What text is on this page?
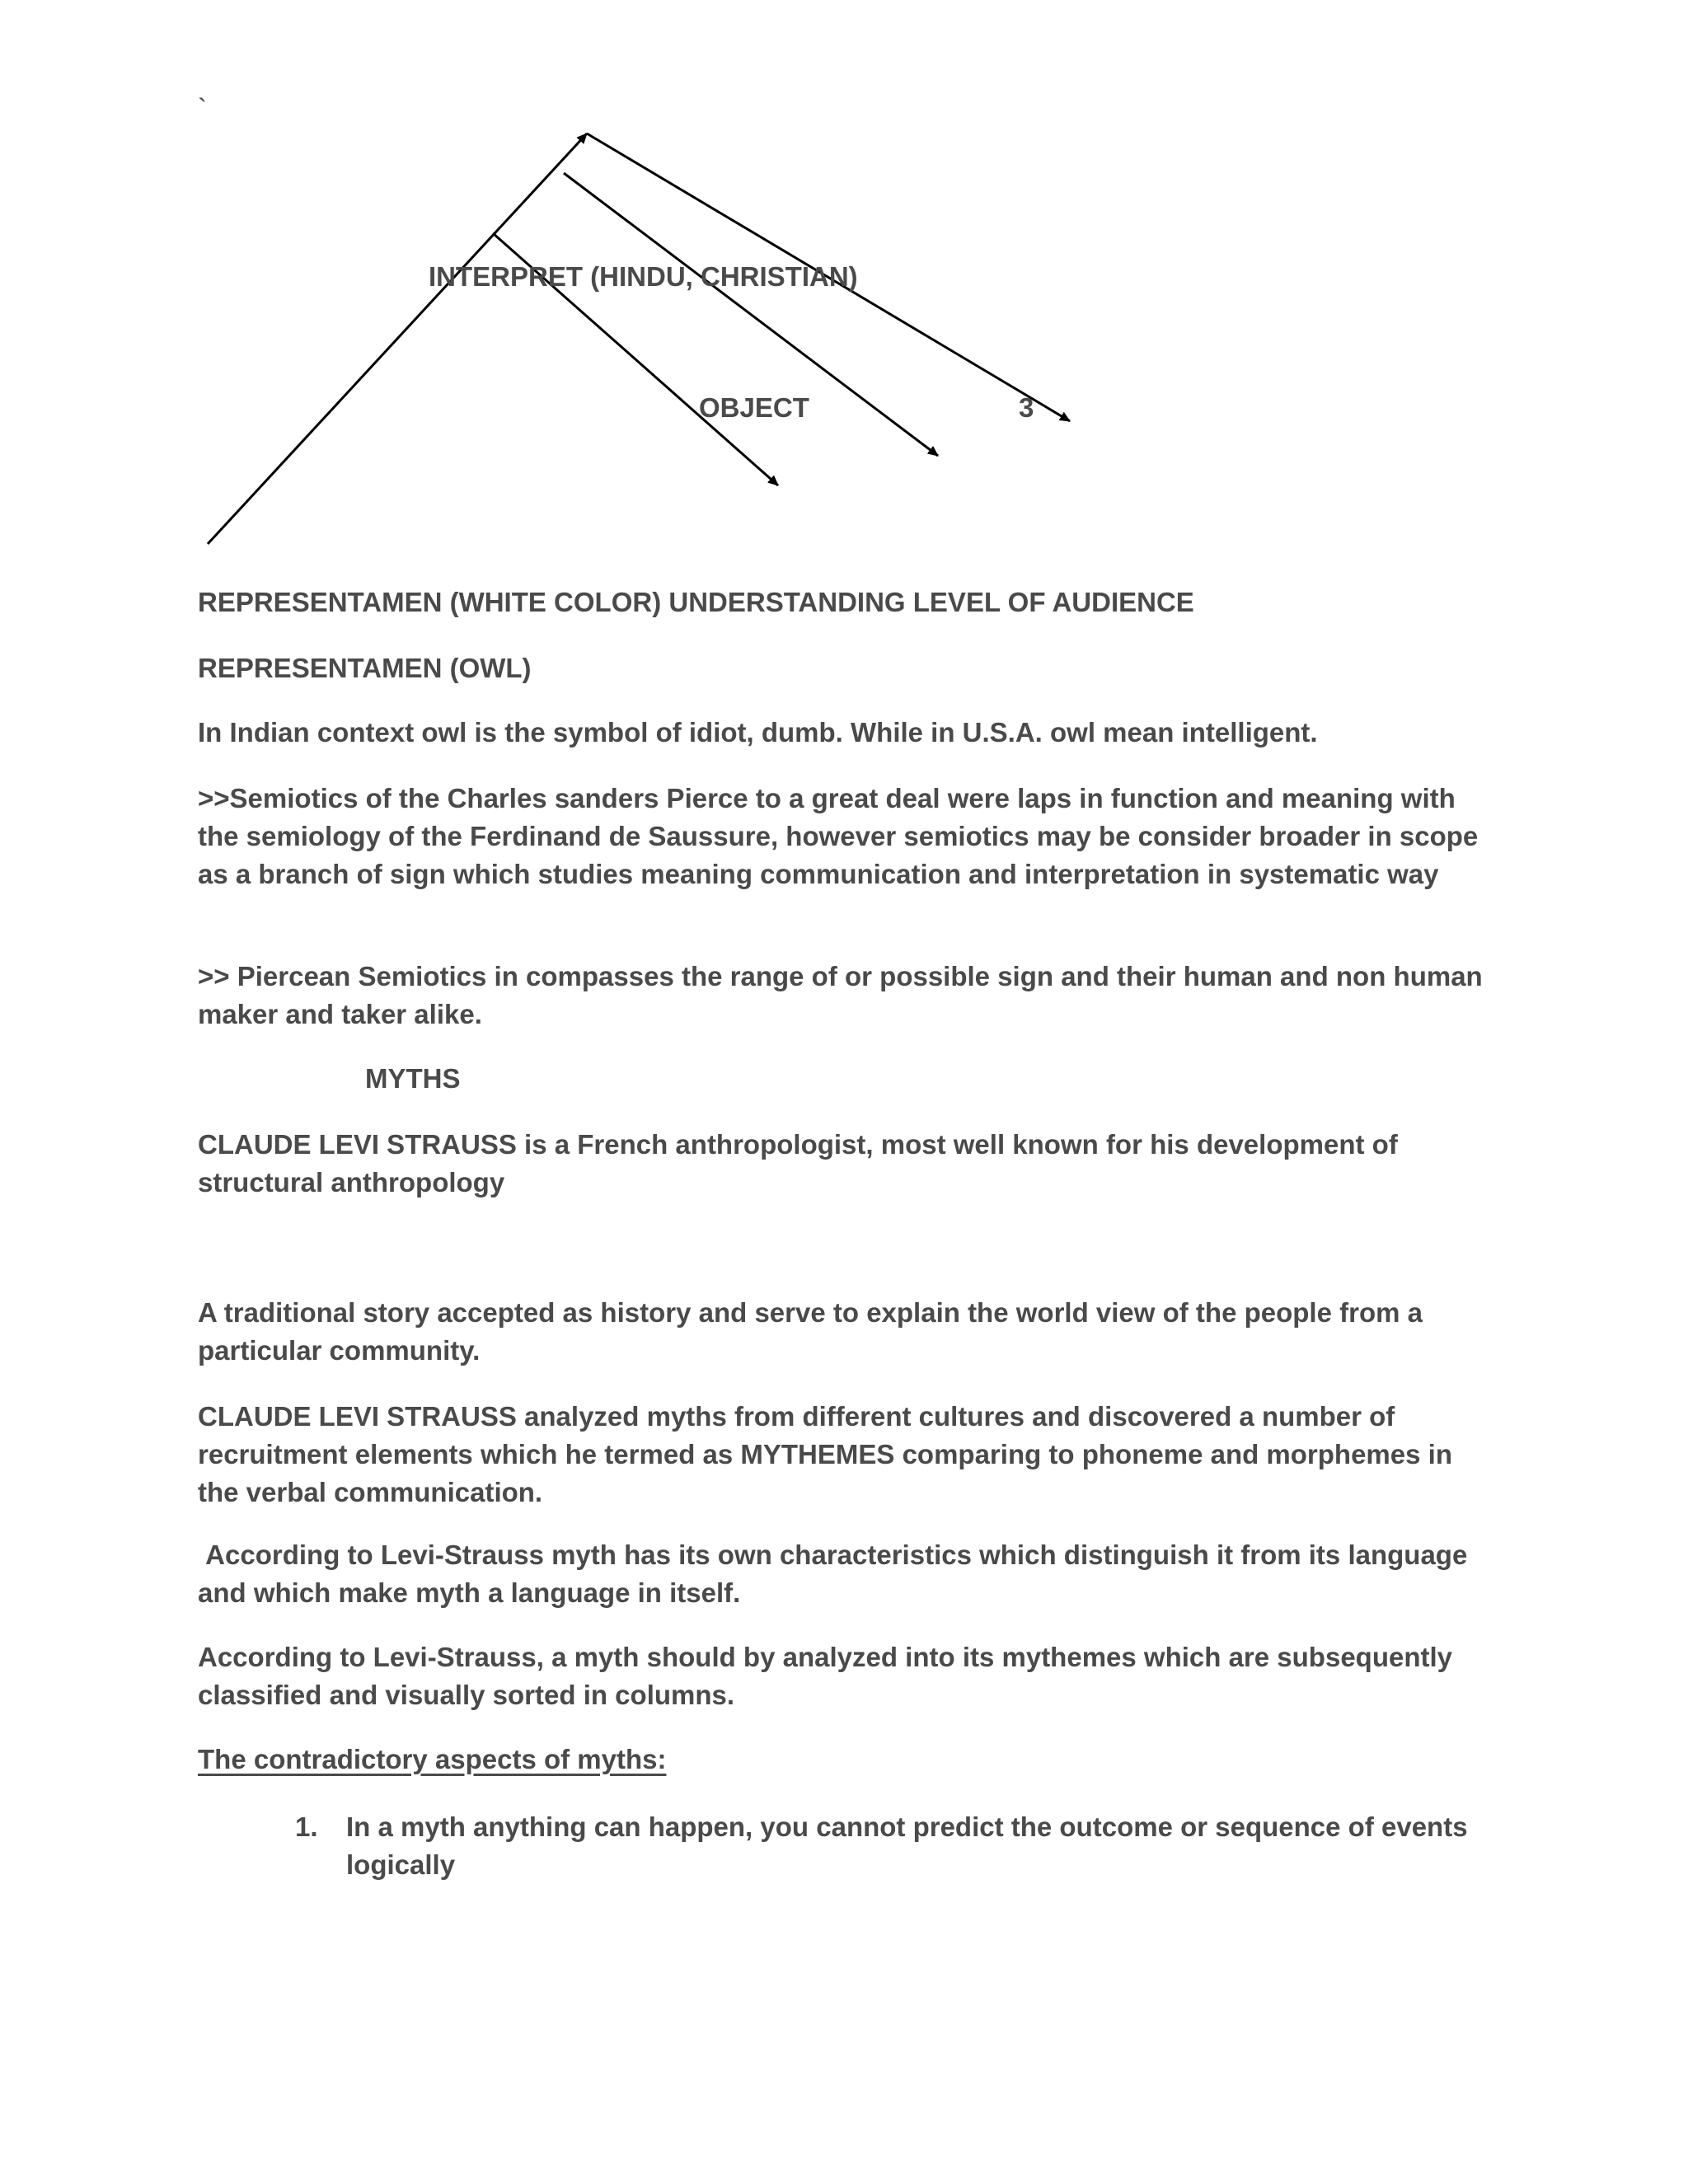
`
INTERPRET (HINDU, CHRISTIAN)
OBJECT	3

REPRESENTAMEN (WHITE COLOR) UNDERSTANDING LEVEL OF AUDIENCE

REPRESENTAMEN (OWL)

In Indian context owl is the symbol of idiot, dumb. While in U.S.A. owl mean intelligent.

>>Semiotics of the Charles sanders Pierce to a great deal were laps in function and meaning with the semiology of the Ferdinand de Saussure, however semiotics may be consider broader in scope as a branch of sign which studies meaning communication and interpretation in systematic way

>> Piercean Semiotics in compasses the range of or possible sign and their human and non human maker and taker alike.

MYTHS

CLAUDE LEVI STRAUSS is a French anthropologist, most well known for his development of structural anthropology

A traditional story accepted as history and serve to explain the world view of the people from a particular community.

CLAUDE LEVI STRAUSS analyzed myths from different cultures and discovered a number of recruitment elements which he termed as MYTHEMES comparing to phoneme and morphemes in the verbal communication.

According to Levi-Strauss myth has its own characteristics which distinguish it from its language and which make myth a language in itself.

According to Levi-Strauss, a myth should by analyzed into its mythemes which are subsequently classified and visually sorted in columns.

The contradictory aspects of myths:

1. In a myth anything can happen, you cannot predict the outcome or sequence of events logically
